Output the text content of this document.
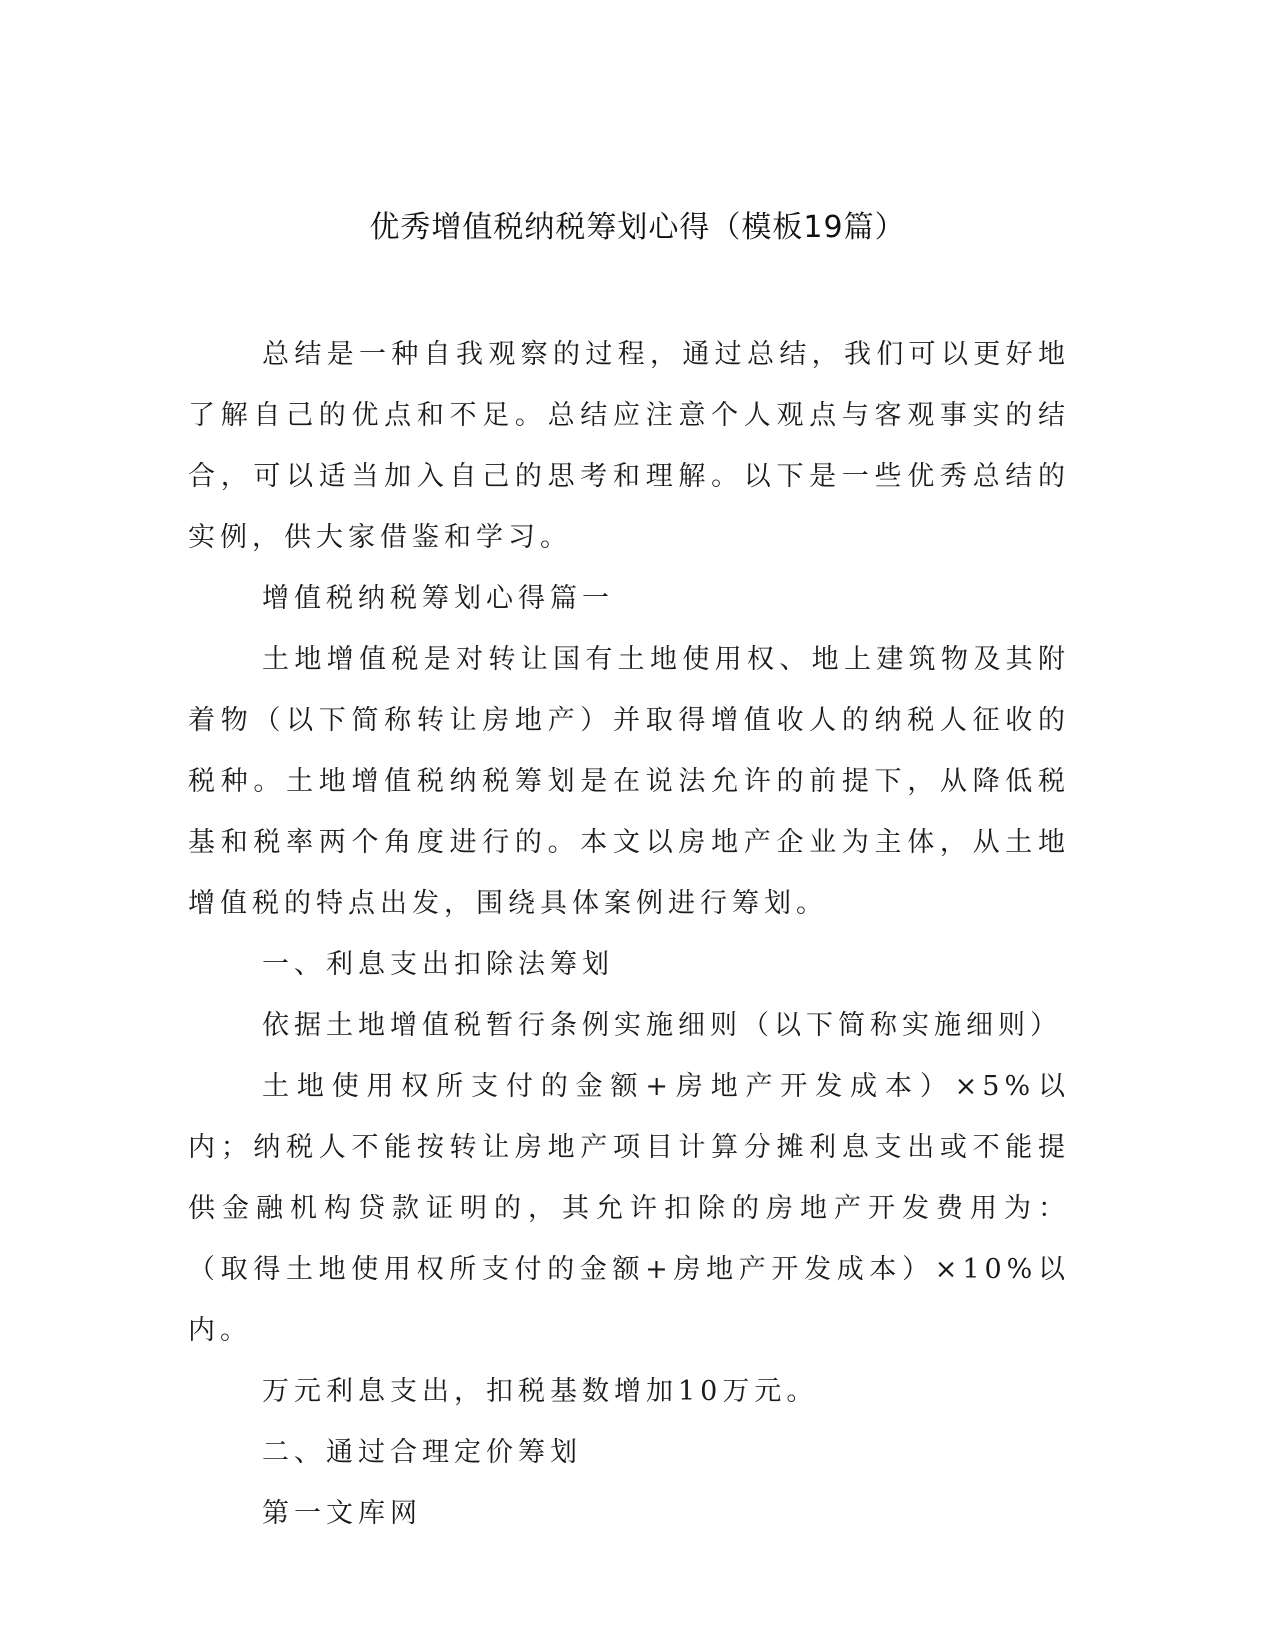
优秀增值税纳税筹划心得（模板19篇）

总结是一种自我观察的过程，通过总结，我们可以更好地了解自己的优点和不足。总结应注意个人观点与客观事实的结合，可以适当加入自己的思考和理解。以下是一些优秀总结的实例，供大家借鉴和学习。

增值税纳税筹划心得篇一

土地增值税是对转让国有土地使用权、地上建筑物及其附着物（以下简称转让房地产）并取得增值收人的纳税人征收的税种。土地增值税纳税筹划是在说法允许的前提下，从降低税基和税率两个角度进行的。本文以房地产企业为主体，从土地增值税的特点出发，围绕具体案例进行筹划。

一、利息支出扣除法筹划

依据土地增值税暂行条例实施细则（以下简称实施细则）

土地使用权所支付的金额+房地产开发成本）×5%以内；纳税人不能按转让房地产项目计算分摊利息支出或不能提供金融机构贷款证明的，其允许扣除的房地产开发费用为：（取得土地使用权所支付的金额+房地产开发成本）×10%以内。

万元利息支出，扣税基数增加10万元。

二、通过合理定价筹划

第一文库网
